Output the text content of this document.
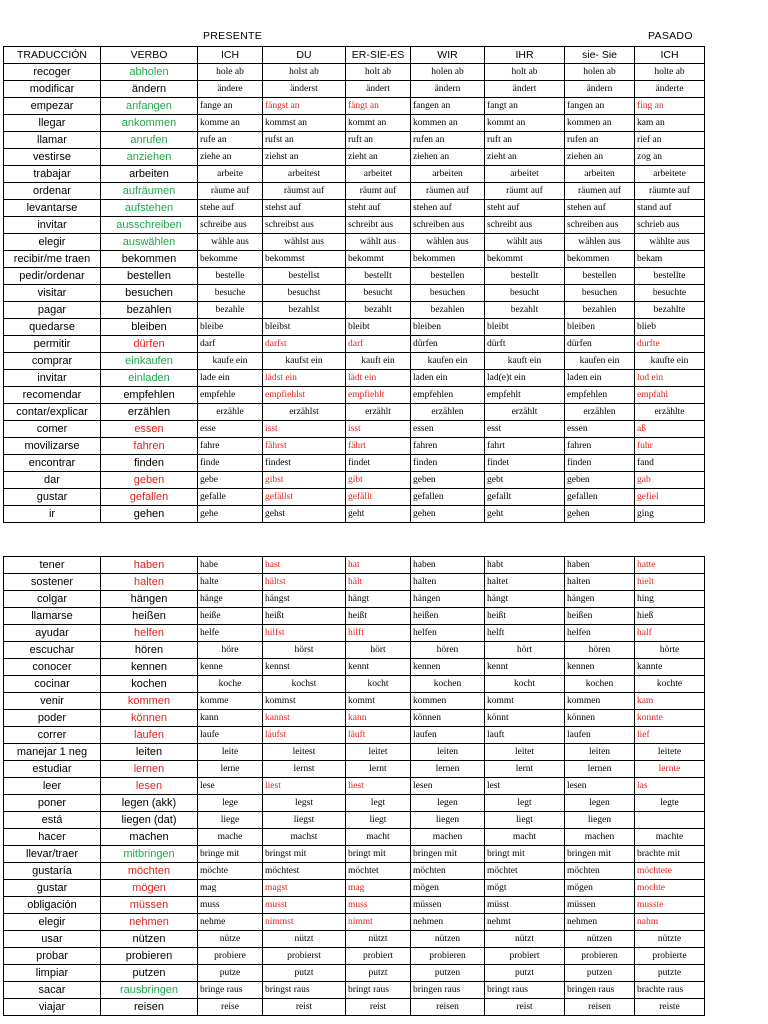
PRESENTE	PASADO
TRADUCCIÓN	VERBO	ICH	DU	ER-SIE-ES	WIR	IHR	sie- Sie	ICH
recoger	abholen	hole ab	holst ab	holt ab	holen ab	holt ab	holen ab	holte ab
modificar	ändern	ändere	änderst	ändert	ändern	ändert	ändern	änderte
empezar	anfangen	fange an	fängst an	fängt an	fangen an	fangt an	fangen an	fing an
llegar	ankommen	komme an	kommst an	kommt an	kommen an	kommt an	kommen an	kam an
llamar	anrufen	rufe an	rufst an	ruft an	rufen an	ruft an	rufen an	rief an
vestirse	anziehen	ziehe an	ziehst an	zieht an	ziehen an	zieht an	ziehen an	zog an
trabajar	arbeiten	arbeite	arbeitest	arbeitet	arbeiten	arbeitet	arbeiten	arbeitete
ordenar	aufräumen	räume auf	räumst auf	räumt auf	räumen auf	räumt auf	räumen auf	räumte auf
levantarse	aufstehen	stehe auf	stehst auf	steht auf	stehen auf	steht auf	stehen auf	stand auf
invitar	ausschreiben	schreibe aus	schreibst aus	schreibt aus	schreiben aus	schreibt aus	schreiben aus	schrieb aus
elegir	auswählen	wähle aus	wählst aus	wählt aus	wählen aus	wählt aus	wählen aus	wählte aus
recibir/me traen	bekommen	bekomme	bekommst	bekommt	bekommen	bekommt	bekommen	bekam
pedir/ordenar	bestellen	bestelle	bestellst	bestellt	bestellen	bestellt	bestellen	bestellte
visitar	besuchen	besuche	besuchst	besucht	besuchen	besucht	besuchen	besuchte
pagar	bezahlen	bezahle	bezahlst	bezahlt	bezahlen	bezahlt	bezahlen	bezahlte
quedarse	bleiben	bleibe	bleibst	bleibt	bleiben	bleibt	bleiben	blieb
permitir	dürfen	darf	darfst	darf	dürfen	dürft	dürfen	durfte
comprar	einkaufen	kaufe ein	kaufst ein	kauft ein	kaufen ein	kauft ein	kaufen ein	kaufte ein
invitar	einladen	lade ein	lädst ein	lädt ein	laden ein	lad(e)t ein	laden ein	lud ein
recomendar	empfehlen	empfehle	empfiehlst	empfiehlt	empfehlen	empfehlt	empfehlen	empfahl
contar/explicar	erzählen	erzähle	erzählst	erzählt	erzählen	erzählt	erzählen	erzählte
comer	essen	esse	isst	isst	essen	esst	essen	aß
movilizarse	fahren	fahre	fährst	fährt	fahren	fahrt	fahren	fuhr
encontrar	finden	finde	findest	findet	finden	findet	finden	fand
dar	geben	gebe	gibst	gibt	geben	gebt	geben	gab
gustar	gefallen	gefalle	gefällst	gefällt	gefallen	gefallt	gefallen	gefiel
ir	gehen	gehe	gehst	geht	gehen	geht	gehen	ging
tener	haben	habe	hast	hat	haben	habt	haben	hatte
sostener	halten	halte	hältst	hält	halten	haltet	halten	hielt
colgar	hängen	hänge	hängst	hängt	hängen	hängt	hängen	hing
llamarse	heißen	heiße	heißt	heißt	heißen	heißt	heißen	hieß
ayudar	helfen	helfe	hilfst	hilft	helfen	helft	helfen	half
escuchar	hören	höre	hörst	hört	hören	hört	hören	hörte
conocer	kennen	kenne	kennst	kennt	kennen	kennt	kennen	kannte
cocinar	kochen	koche	kochst	kocht	kochen	kocht	kochen	kochte
venir	kommen	komme	kommst	kommt	kommen	kommt	kommen	kam
poder	können	kann	kannst	kann	können	könnt	können	konnte
correr	laufen	laufe	läufst	läuft	laufen	lauft	laufen	lief
manejar 1 neg	leiten	leite	leitest	leitet	leiten	leitet	leiten	leitete
estudiar	lernen	lerne	lernst	lernt	lernen	lernt	lernen	lernte
leer	lesen	lese	liest	liest	lesen	lest	lesen	las
poner	legen (akk)	lege	legst	legt	legen	legt	legen	legte
está	liegen (dat)	liege	liegst	liegt	liegen	liegt	liegen	
hacer	machen	mache	machst	macht	machen	macht	machen	machte
llevar/traer	mitbringen	bringe mit	bringst mit	bringt mit	bringen mit	bringt mit	bringen mit	brachte mit
gustaría	möchten	möchte	möchtest	möchtet	möchten	möchtet	möchten	möchtete
gustar	mögen	mag	magst	mag	mögen	mögt	mögen	mochte
obligación	müssen	muss	musst	muss	müssen	müsst	müssen	musste
elegir	nehmen	nehme	nimmst	nimmt	nehmen	nehmt	nehmen	nahm
usar	nützen	nütze	nützt	nützt	nützen	nützt	nützen	nützte
probar	probieren	probiere	probierst	probiert	probieren	probiert	probieren	probierte
limpiar	putzen	putze	putzt	putzt	putzen	putzt	putzen	putzte
sacar	rausbringen	bringe raus	bringst raus	bringt raus	bringen raus	bringt raus	bringen raus	brachte raus
viajar	reisen	reise	reist	reist	reisen	reist	reisen	reiste
